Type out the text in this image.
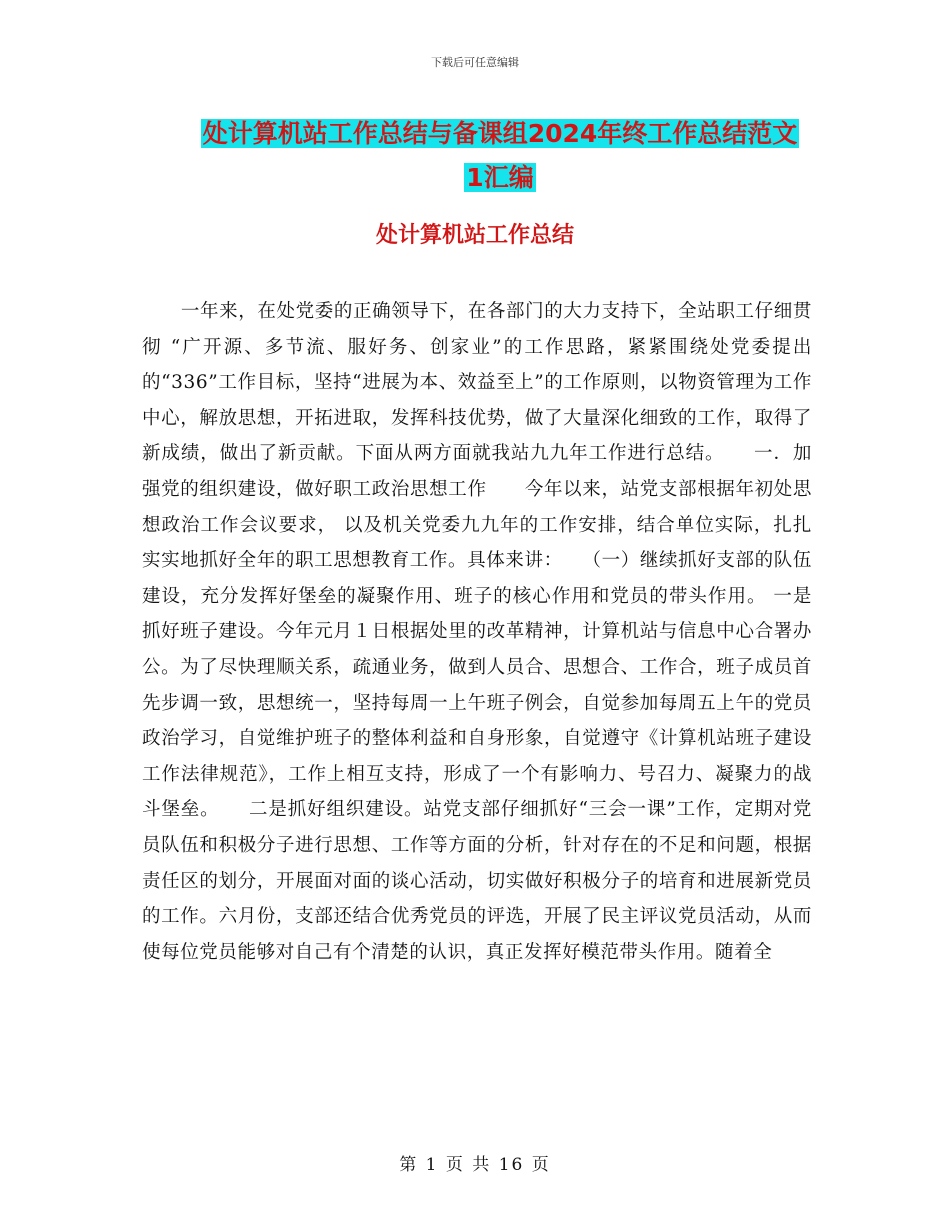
下载后可任意编辑
处计算机站工作总结与备课组2024年终工作总结范文
1汇编
处计算机站工作总结

一年来，在处党委的正确领导下，在各部门的大力支持下，全站职工仔细贯彻 “广开源、多节流、服好务、创家业”的工作思路，紧紧围绕处党委提出的“336”工作目标，坚持“进展为本、效益至上”的工作原则，以物资管理为工作中心，解放思想，开拓进取，发挥科技优势，做了大量深化细致的工作，取得了新成绩，做出了新贡献。下面从两方面就我站九九年工作进行总结。　　一．加强党的组织建设，做好职工政治思想工作　　今年以来，站党支部根据年初处思想政治工作会议要求， 以及机关党委九九年的工作安排，结合单位实际，扎扎实实地抓好全年的职工思想教育工作。具体来讲：　　（一）继续抓好支部的队伍建设，充分发挥好堡垒的凝聚作用、班子的核心作用和党员的带头作用。 一是抓好班子建设。今年元月１日根据处里的改革精神，计算机站与信息中心合署办公。为了尽快理顺关系，疏通业务，做到人员合、思想合、工作合，班子成员首先步调一致，思想统一，坚持每周一上午班子例会，自觉参加每周五上午的党员政治学习，自觉维护班子的整体利益和自身形象，自觉遵守《计算机站班子建设工作法律规范》，工作上相互支持，形成了一个有影响力、号召力、凝聚力的战斗堡垒。　　二是抓好组织建设。站党支部仔细抓好“三会一课”工作，定期对党员队伍和积极分子进行思想、工作等方面的分析，针对存在的不足和问题，根据责任区的划分，开展面对面的谈心活动，切实做好积极分子的培育和进展新党员的工作。六月份，支部还结合优秀党员的评选，开展了民主评议党员活动，从而使每位党员能够对自己有个清楚的认识，真正发挥好模范带头作用。随着全

第 1 页 共 16 页
